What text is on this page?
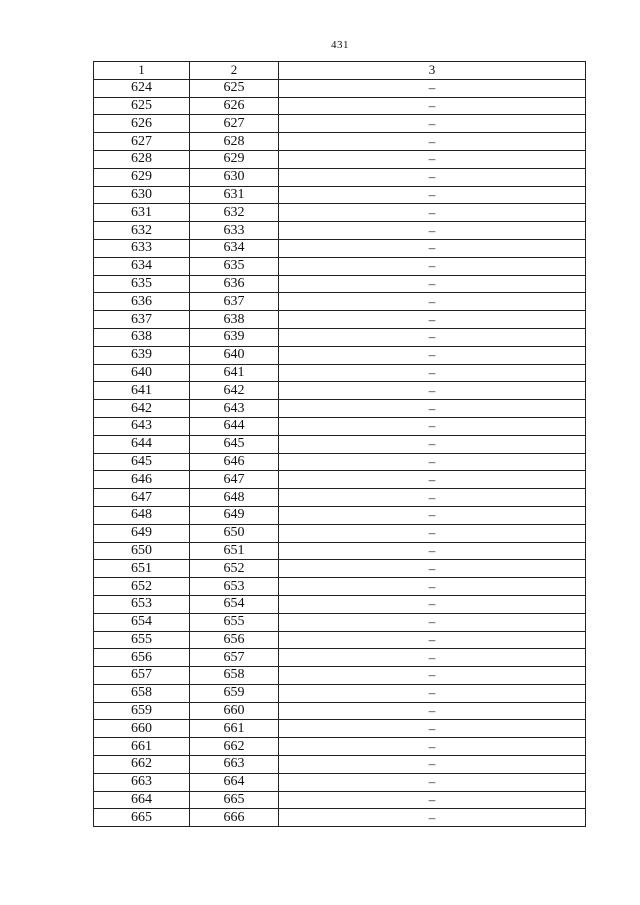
431
1	2	3
624	625	–
625	626	–
626	627	–
627	628	–
628	629	–
629	630	–
630	631	–
631	632	–
632	633	–
633	634	–
634	635	–
635	636	–
636	637	–
637	638	–
638	639	–
639	640	–
640	641	–
641	642	–
642	643	–
643	644	–
644	645	–
645	646	–
646	647	–
647	648	–
648	649	–
649	650	–
650	651	–
651	652	–
652	653	–
653	654	–
654	655	–
655	656	–
656	657	–
657	658	–
658	659	–
659	660	–
660	661	–
661	662	–
662	663	–
663	664	–
664	665	–
665	666	–
